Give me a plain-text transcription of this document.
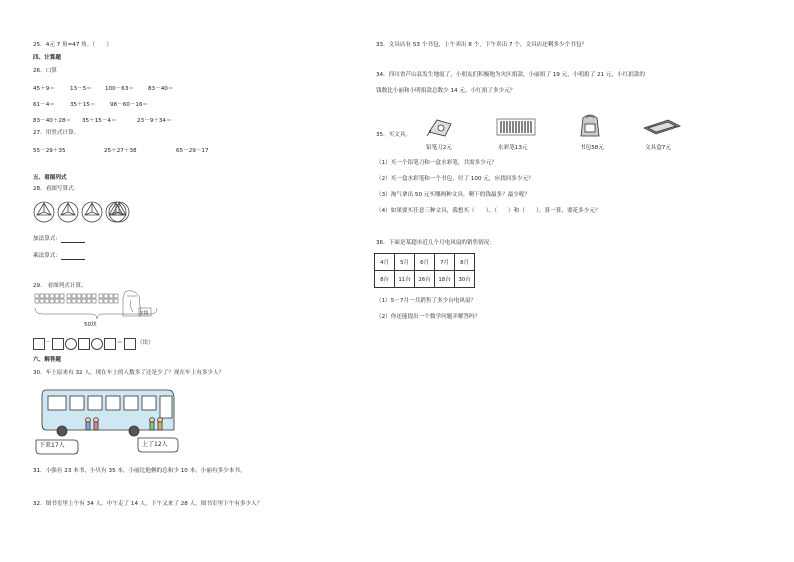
25．4元 7 角=47 角。（　　）
四、计算题
26．口算
45＋9＝	13－5＝ 100－63＝	83－40＝
61－4＝	35＋15＝	98－60－16＝
83－40＋28＝ 35＋15－4＝	23－9＋34＝
27．用竖式计算。
55－29＋35	25＋27＋38	65－29－17
五、看图列式
28．看图写算式：
加法算式：
乘法算式：
29． 看图列式计算。
?块
50块
－	＝	（块）
六、解答题
30．车上原来有 32 人，现在车上的人数多了还是少了？现在车上有多少人？
下来17人	上了12人
31．小强有 23 本书，小贝有 35 本，小丽比他俩的总和少 10 本，小丽有多少本书。
32．图书室里上午有 34 人，中午走了 14 人，下午又来了 28 人，图书室里下午有多少人？
33．文具店有 53 个书包，上午卖出 8 个，下午卖出 7 个，文具店还剩多少个书包？
34．四川省芦山县发生地震了，小朋友们积极地为灾区捐款，小丽捐了 19 元，小明捐了 21 元，小红捐款的
钱数比小丽和小明捐款总数少 14 元。小红捐了多少元？
35．买文具。
铅笔刀2元	水彩笔13元	书包58元	文具盒7元
（1）买一个铅笔刀和一盒水彩笔，共需多少元？
（2）买一盒水彩笔和一个书包，付了 100 元，应找回多少元？
（3）淘气拿出 50 元买哪两种文具，剩下的钱最多？最少呢？
（4）如果要买任意三种文具，我想买（　　）、（　　）和（　　），算一算，要花多少元？
36．下面是某超市近几个月电风扇的销售情况：
4月	5月	6月	7月	8月
8台	11台	26台	18台	30台
（1）5－7月一共销售了多少台电风扇？
（2）你还能提出一个数学问题并解答吗？
